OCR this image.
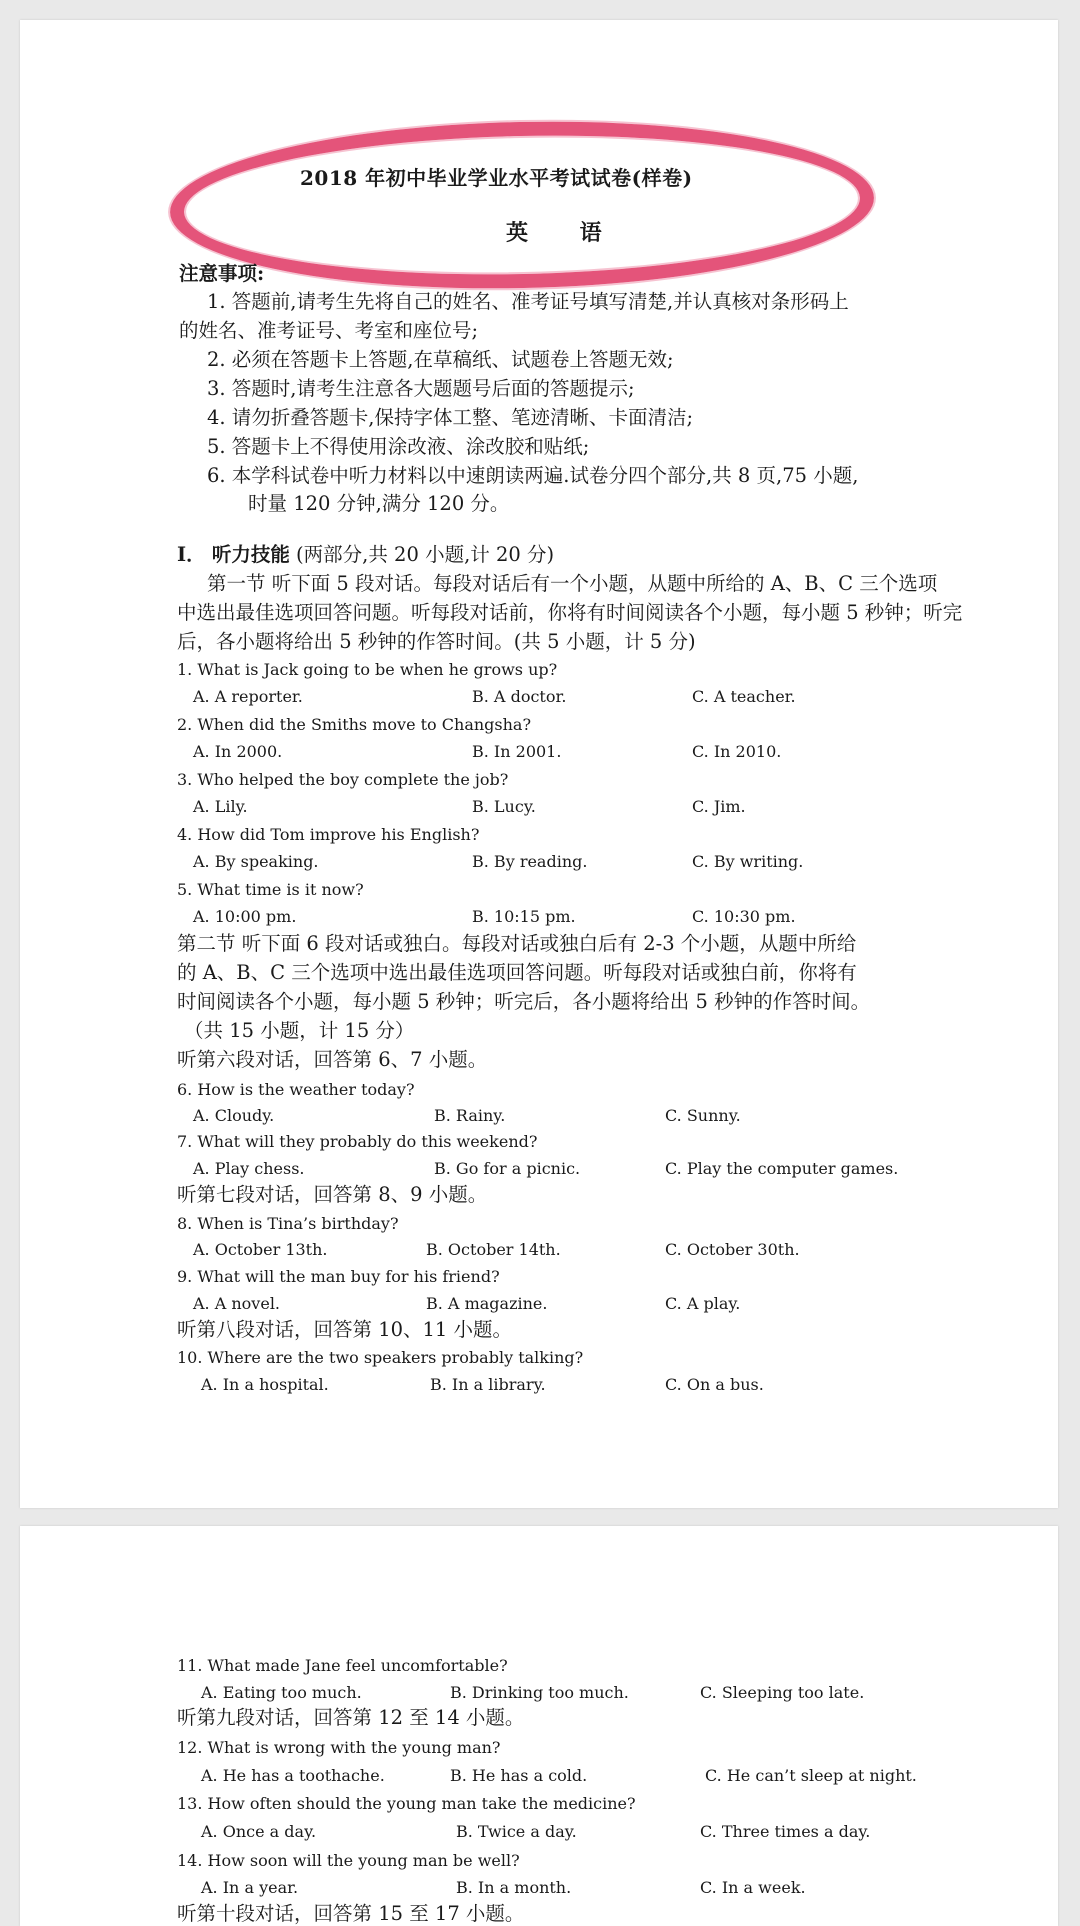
2018 年初中毕业学业水平考试试卷(样卷)
英 语
注意事项:
1. 答题前,请考生先将自己的姓名、准考证号填写清楚,并认真核对条形码上
的姓名、准考证号、考室和座位号;
2. 必须在答题卡上答题,在草稿纸、试题卷上答题无效;
3. 答题时,请考生注意各大题题号后面的答题提示;
4. 请勿折叠答题卡,保持字体工整、笔迹清晰、卡面清洁;
5. 答题卡上不得使用涂改液、涂改胶和贴纸;
6. 本学科试卷中听力材料以中速朗读两遍.试卷分四个部分,共 8 页,75 小题,
时量 120 分钟,满分 120 分。
Ⅰ． 听力技能 (两部分,共 20 小题,计 20 分)
第一节 听下面 5 段对话。每段对话后有一个小题，从题中所给的 A、B、C 三个选项
中选出最佳选项回答问题。听每段对话前，你将有时间阅读各个小题，每小题 5 秒钟；听完
后，各小题将给出 5 秒钟的作答时间。(共 5 小题，计 5 分)
1. What is Jack going to be when he grows up?
A. A reporter.	B. A doctor.	C. A teacher.
2. When did the Smiths move to Changsha?
A. In 2000.	B. In 2001.	C. In 2010.
3. Who helped the boy complete the job?
A. Lily.	B. Lucy.	C. Jim.
4. How did Tom improve his English?
A. By speaking.	B. By reading.	C. By writing.
5. What time is it now?
A. 10:00 pm.	B. 10:15 pm.	C. 10:30 pm.
第二节 听下面 6 段对话或独白。每段对话或独白后有 2-3 个小题，从题中所给
的 A、B、C 三个选项中选出最佳选项回答问题。听每段对话或独白前，你将有
时间阅读各个小题，每小题 5 秒钟；听完后，各小题将给出 5 秒钟的作答时间。
（共 15 小题，计 15 分）
听第六段对话，回答第 6、7 小题。
6. How is the weather today?
A. Cloudy.	B. Rainy.	C. Sunny.
7. What will they probably do this weekend?
A. Play chess.	B. Go for a picnic.	C. Play the computer games.
听第七段对话，回答第 8、9 小题。
8. When is Tina’s birthday?
A. October 13th.	B. October 14th.	C. October 30th.
9. What will the man buy for his friend?
A. A novel.	B. A magazine.	C. A play.
听第八段对话，回答第 10、11 小题。
10. Where are the two speakers probably talking?
A. In a hospital.	B. In a library.	C. On a bus.
11. What made Jane feel uncomfortable?
A. Eating too much.	B. Drinking too much.	C. Sleeping too late.
听第九段对话，回答第 12 至 14 小题。
12. What is wrong with the young man?
A. He has a toothache.	B. He has a cold.	C. He can’t sleep at night.
13. How often should the young man take the medicine?
A. Once a day.	B. Twice a day.	C. Three times a day.
14. How soon will the young man be well?
A. In a year.	B. In a month.	C. In a week.
听第十段对话，回答第 15 至 17 小题。
